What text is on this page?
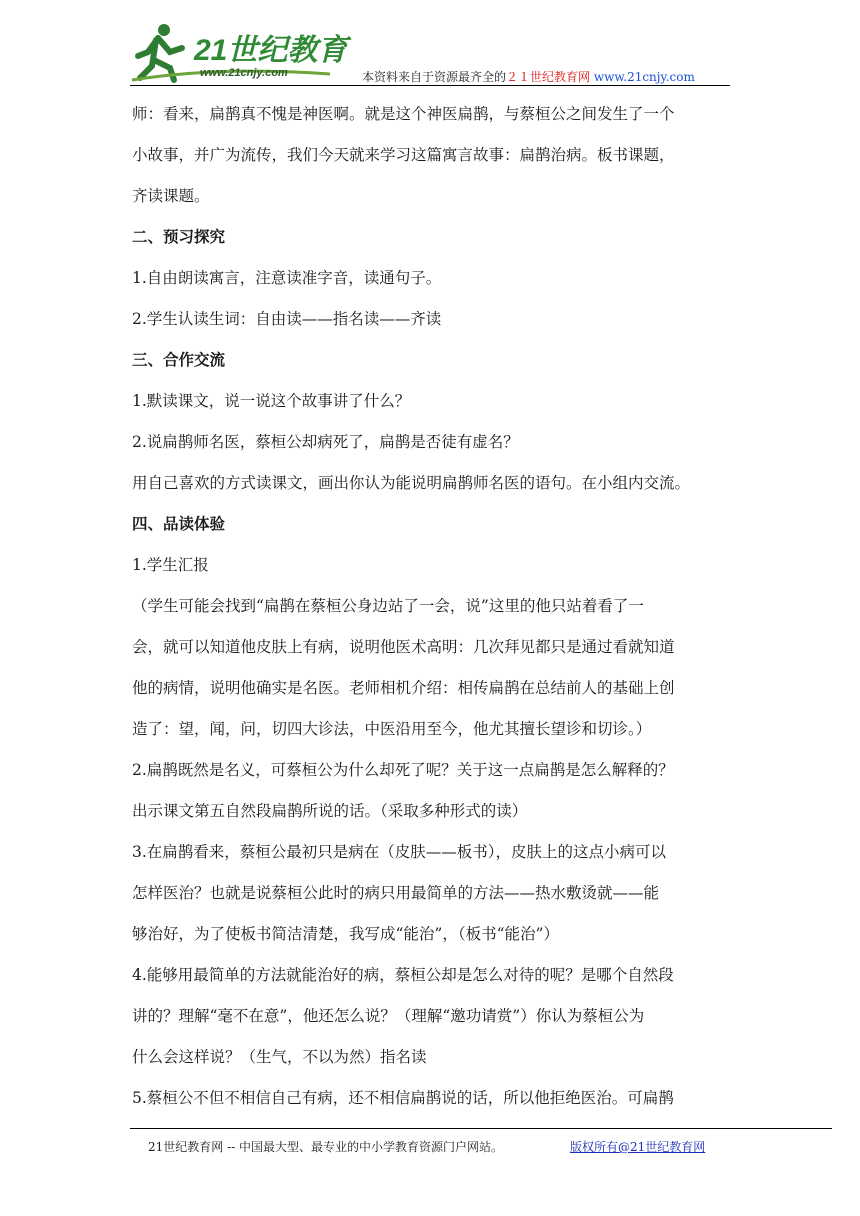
21世纪教育
www.21cnjy.com	本资料来自于资源最齐全的２１世纪教育网 www.21cnjy.com
师：看来，扁鹊真不愧是神医啊。就是这个神医扁鹊，与蔡桓公之间发生了一个
小故事，并广为流传，我们今天就来学习这篇寓言故事：扁鹊治病。板书课题，
齐读课题。
二、预习探究
1.自由朗读寓言，注意读准字音，读通句子。
2.学生认读生词：自由读——指名读——齐读
三、合作交流
1.默读课文，说一说这个故事讲了什么？
2.说扁鹊师名医，蔡桓公却病死了，扁鹊是否徒有虚名？
用自己喜欢的方式读课文，画出你认为能说明扁鹊师名医的语句。在小组内交流。
四、品读体验
1.学生汇报
（学生可能会找到“扁鹊在蔡桓公身边站了一会，说”这里的他只站着看了一
会，就可以知道他皮肤上有病，说明他医术高明：几次拜见都只是通过看就知道
他的病情，说明他确实是名医。老师相机介绍：相传扁鹊在总结前人的基础上创
造了：望，闻，问，切四大诊法，中医沿用至今，他尤其擅长望诊和切诊。）
2.扁鹊既然是名义，可蔡桓公为什么却死了呢？关于这一点扁鹊是怎么解释的？
出示课文第五自然段扁鹊所说的话。（采取多种形式的读）
3.在扁鹊看来，蔡桓公最初只是病在（皮肤——板书），皮肤上的这点小病可以
怎样医治？也就是说蔡桓公此时的病只用最简单的方法——热水敷烫就——能
够治好，为了使板书简洁清楚，我写成“能治”，（板书“能治”）
4.能够用最简单的方法就能治好的病，蔡桓公却是怎么对待的呢？是哪个自然段
讲的？理解“毫不在意”，他还怎么说？（理解“邀功请赏”）你认为蔡桓公为
什么会这样说？（生气，不以为然）指名读
5.蔡桓公不但不相信自己有病，还不相信扁鹊说的话，所以他拒绝医治。可扁鹊
21世纪教育网 -- 中国最大型、最专业的中小学教育资源门户网站。	版权所有@21世纪教育网
